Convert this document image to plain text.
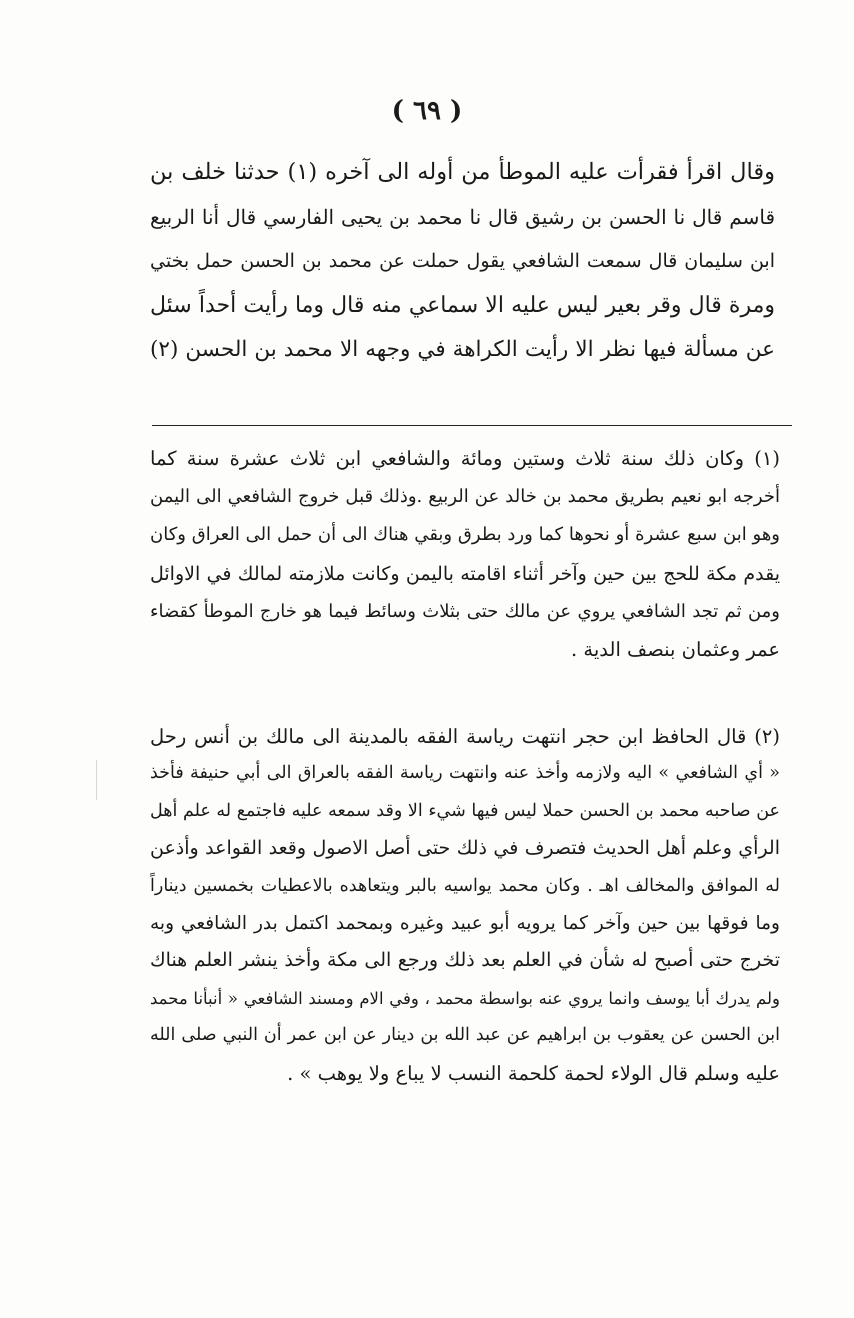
( ٦٩ )
وقال اقرأ فقرأت عليه الموطأ من أوله الى آخره (١) حدثنا خلف بن
قاسم قال نا الحسن بن رشيق قال نا محمد بن يحيى الفارسي قال أنا الربيع
ابن سليمان قال سمعت الشافعي يقول حملت عن محمد بن الحسن حمل بختي
ومرة قال وقر بعير ليس عليه الا سماعي منه قال وما رأيت أحداً سئل
عن مسألة فيها نظر الا رأيت الكراهة في وجهه الا محمد بن الحسن (٢)
(١) وكان ذلك سنة ثلاث وستين ومائة والشافعي ابن ثلاث عشرة سنة كما
أخرجه ابو نعيم بطريق محمد بن خالد عن الربيع .وذلك قبل خروج الشافعي الى اليمن
وهو ابن سبع عشرة أو نحوها كما ورد بطرق وبقي هناك الى أن حمل الى العراق وكان
يقدم مكة للحج بين حين وآخر أثناء اقامته باليمن وكانت ملازمته لمالك في الاوائل
ومن ثم تجد الشافعي يروي عن مالك حتى بثلاث وسائط فيما هو خارج الموطأ كقضاء
عمر وعثمان بنصف الدية .
(٢) قال الحافظ ابن حجر انتهت رياسة الفقه بالمدينة الى مالك بن أنس رحل
« أي الشافعي » اليه ولازمه وأخذ عنه وانتهت رياسة الفقه بالعراق الى أبي حنيفة فأخذ
عن صاحبه محمد بن الحسن حملا ليس فيها شيء الا وقد سمعه عليه فاجتمع له علم أهل
الرأي وعلم أهل الحديث فتصرف في ذلك حتى أصل الاصول وقعد القواعد وأذعن
له الموافق والمخالف اهـ . وكان محمد يواسيه بالبر ويتعاهده بالاعطيات بخمسين ديناراً
وما فوقها بين حين وآخر كما يرويه أبو عبيد وغيره وبمحمد اكتمل بدر الشافعي وبه
تخرج حتى أصبح له شأن في العلم بعد ذلك ورجع الى مكة وأخذ ينشر العلم هناك
ولم يدرك أبا يوسف وانما يروي عنه بواسطة محمد ، وفي الام ومسند الشافعي « أنبأنا محمد
ابن الحسن عن يعقوب بن ابراهيم عن عبد الله بن دينار عن ابن عمر أن النبي صلى الله
عليه وسلم قال الولاء لحمة كلحمة النسب لا يباع ولا يوهب » .
